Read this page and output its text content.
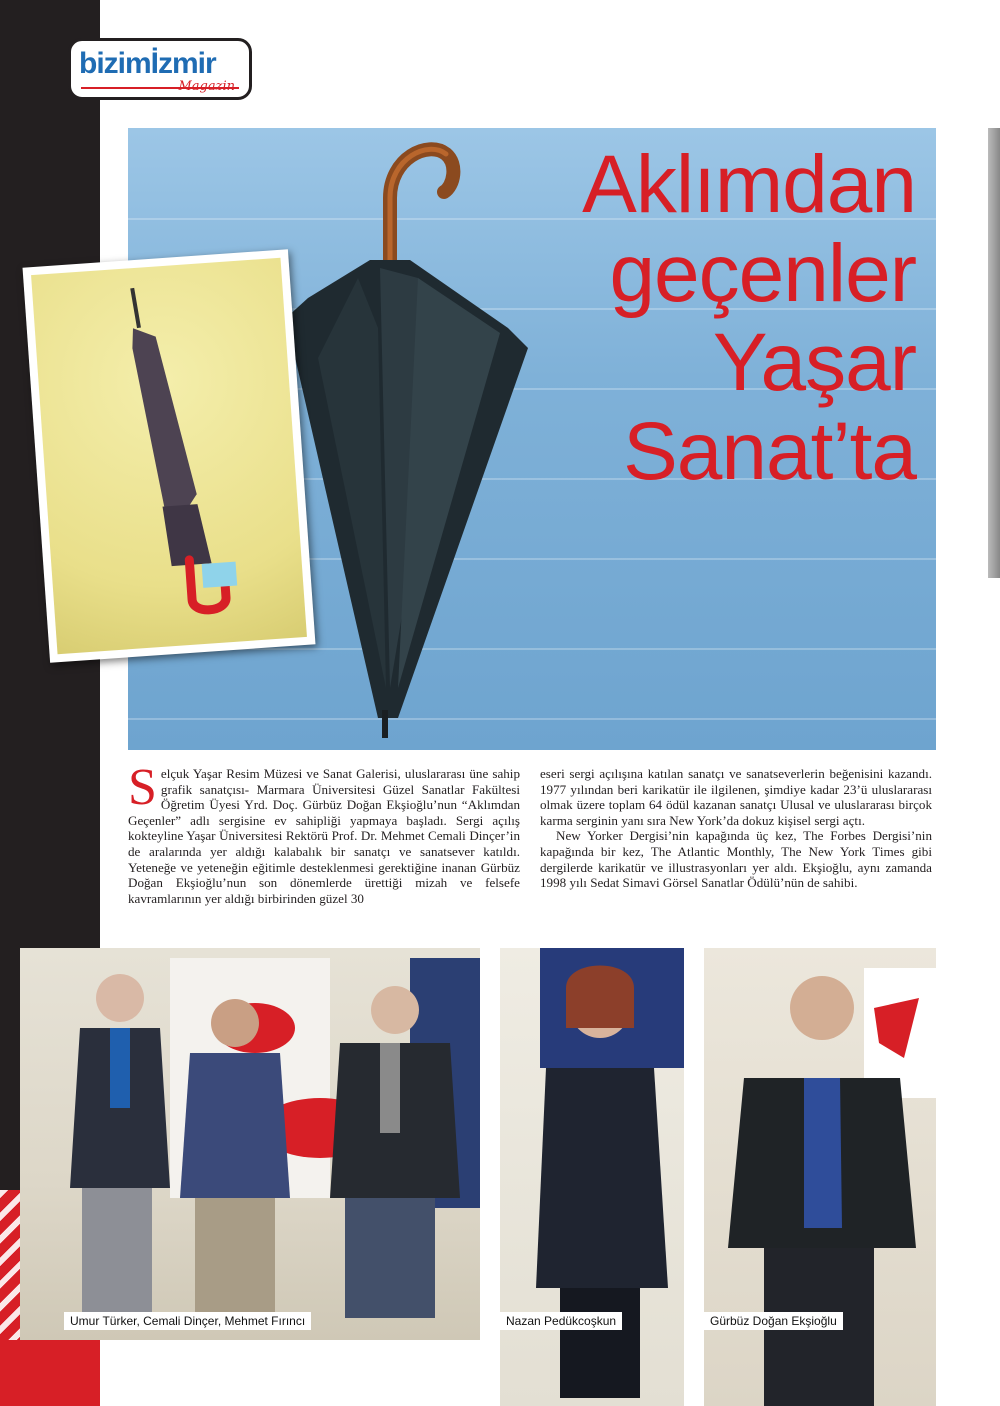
bizimİzmir
Magazin
Aklımdan
geçenler
Yaşar
Sanat’ta
S elçuk Yaşar Resim Müzesi ve Sanat Galerisi, uluslararası üne sahip grafik sanatçısı- Marmara Üniversitesi Güzel Sanatlar Fakültesi Öğretim Üyesi Yrd. Doç. Gürbüz Doğan Ekşioğlu’nun “Aklımdan Geçenler” adlı sergisine ev sahipliği yapmaya başladı. Sergi açılış kokteyline Yaşar Üniversitesi Rektörü Prof. Dr. Mehmet Cemali Dinçer’in de aralarında yer aldığı kalabalık bir sanatçı ve sanatsever katıldı. Yeteneğe ve yeteneğin eğitimle desteklenmesi gerektiğine inanan Gürbüz Doğan Ekşioğlu’nun son dönemlerde ürettiği mizah ve felsefe kavramlarının yer aldığı birbirinden güzel 30

eseri sergi açılışına katılan sanatçı ve sanatseverlerin beğenisini kazandı. 1977 yılından beri karikatür ile ilgilenen, şimdiye kadar 23’ü uluslararası olmak üzere toplam 64 ödül kazanan sanatçı Ulusal ve uluslararası birçok karma serginin yanı sıra New York’da dokuz kişisel sergi açtı.

New Yorker Dergisi’nin kapağında üç kez, The Forbes Dergisi’nin kapağında bir kez, The Atlantic Monthly, The New York Times gibi dergilerde karikatür ve illustrasyonları yer aldı. Ekşioğlu, aynı zamanda 1998 yılı Sedat Simavi Görsel Sanatlar Ödülü’nün de sahibi.

Umur Türker, Cemali Dinçer, Mehmet Fırıncı	Nazan Pedükcoşkun	Gürbüz Doğan Ekşioğlu
